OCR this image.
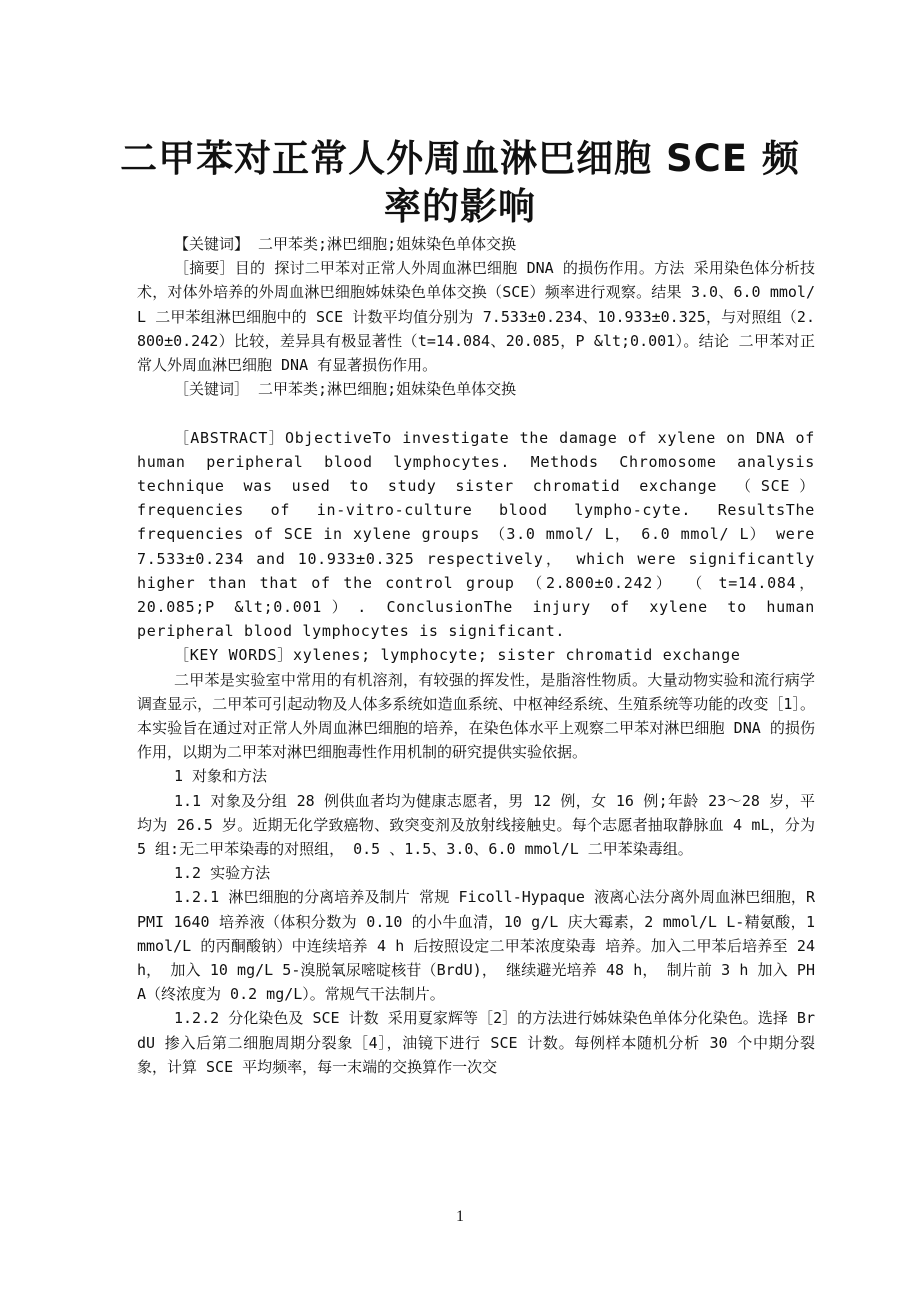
二甲苯对正常人外周血淋巴细胞 SCE 频
率的影响

【关键词】 二甲苯类;淋巴细胞;姐妹染色单体交换

［摘要］目的 探讨二甲苯对正常人外周血淋巴细胞 DNA 的损伤作用。方法 采用染色体分析技术，对体外培养的外周血淋巴细胞姊妹染色单体交换（SCE）频率进行观察。结果 3.0、6.0 mmol/L 二甲苯组淋巴细胞中的 SCE 计数平均值分别为 7.533±0.234、10.933±0.325，与对照组（2.800±0.242）比较，差异具有极显著性（t=14.084、20.085，P &lt;0.001）。结论 二甲苯对正常人外周血淋巴细胞 DNA 有显著损伤作用。

［关键词］ 二甲苯类;淋巴细胞;姐妹染色单体交换

［ABSTRACT］ObjectiveTo investigate the damage of xylene on DNA of human peripheral blood lymphocytes. Methods Chromosome analysis technique was used to study sister chromatid exchange （SCE） frequencies of in-vitro-culture blood lympho-cyte. ResultsThe frequencies of SCE in xylene groups （3.0 mmol/ L， 6.0 mmol/ L） were 7.533±0.234 and 10.933±0.325 respectively， which were significantly higher than that of the control group （2.800±0.242） （ t=14.084，20.085;P &lt;0.001）. ConclusionThe injury of xylene to human peripheral blood lymphocytes is significant.

［KEY WORDS］xylenes; lymphocyte; sister chromatid exchange

二甲苯是实验室中常用的有机溶剂，有较强的挥发性，是脂溶性物质。大量动物实验和流行病学调查显示，二甲苯可引起动物及人体多系统如造血系统、中枢神经系统、生殖系统等功能的改变［1］。本实验旨在通过对正常人外周血淋巴细胞的培养，在染色体水平上观察二甲苯对淋巴细胞 DNA 的损伤作用，以期为二甲苯对淋巴细胞毒性作用机制的研究提供实验依据。

1 对象和方法

1.1 对象及分组 28 例供血者均为健康志愿者，男 12 例，女 16 例;年龄 23～28 岁，平均为 26.5 岁。近期无化学致癌物、致突变剂及放射线接触史。每个志愿者抽取静脉血 4 mL，分为 5 组:无二甲苯染毒的对照组， 0.5 、1.5、3.0、6.0 mmol/L 二甲苯染毒组。

1.2 实验方法

1.2.1 淋巴细胞的分离培养及制片 常规 Ficoll-Hypaque 液离心法分离外周血淋巴细胞，RPMI 1640 培养液（体积分数为 0.10 的小牛血清，10 g/L 庆大霉素，2 mmol/L L-精氨酸，1 mmol/L 的丙酮酸钠）中连续培养 4 h 后按照设定二甲苯浓度染毒 培养。加入二甲苯后培养至 24 h， 加入 10 mg/L 5-溴脱氧尿嘧啶核苷（BrdU)， 继续避光培养 48 h， 制片前 3 h 加入 PHA（终浓度为 0.2 mg/L）。常规气干法制片。

1.2.2 分化染色及 SCE 计数 采用夏家辉等［2］的方法进行姊妹染色单体分化染色。选择 BrdU 掺入后第二细胞周期分裂象［4］，油镜下进行 SCE 计数。每例样本随机分析 30 个中期分裂象，计算 SCE 平均频率，每一末端的交换算作一次交

1
